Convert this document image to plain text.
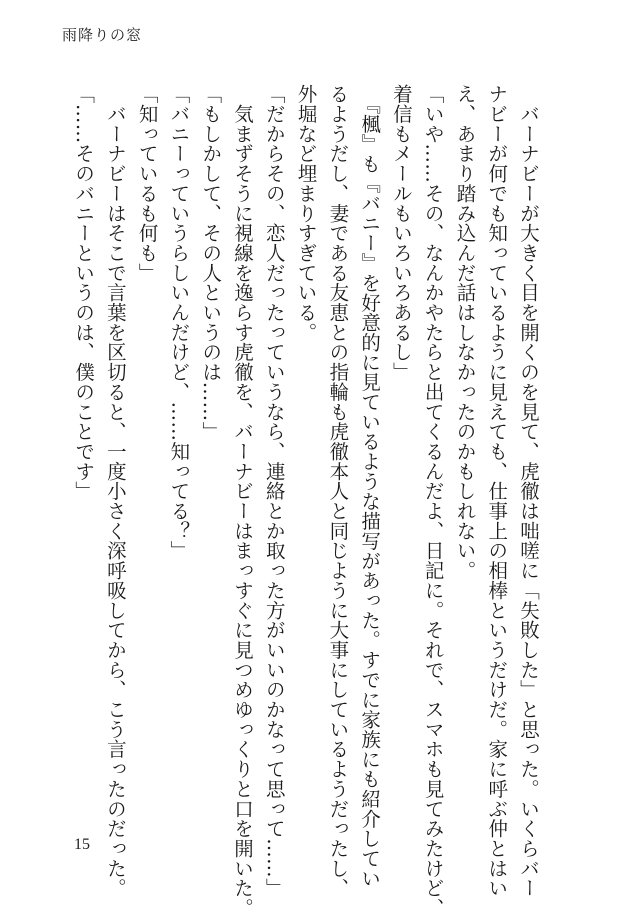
雨降りの窓

　バーナビーが大きく目を開くのを見て、虎徹は咄嗟に「失敗した」と思った。いくらバー

ナビーが何でも知っているように見えても、仕事上の相棒というだけだ。家に呼ぶ仲とはい

え、あまり踏み込んだ話はしなかったのかもしれない。

「いや……その、なんかやたらと出てくるんだよ、日記に。それで、スマホも見てみたけど、

着信もメールもいろいろあるし」

　『楓』も『バニー』を好意的に見ているような描写があった。すでに家族にも紹介してい

るようだし、妻である友恵との指輪も虎徹本人と同じように大事にしているようだったし、

外堀など埋まりすぎている。

「だからその、恋人だったっていうなら、連絡とか取った方がいいのかなって思って……」

　気まずそうに視線を逸らす虎徹を、バーナビーはまっすぐに見つめゆっくりと口を開いた。

「もしかして、その人というのは……」

「バニーっていうらしいんだけど、……知ってる？」

「知っているも何も」

　バーナビーはそこで言葉を区切ると、一度小さく深呼吸してから、こう言ったのだった。

「……そのバニーというのは、僕のことです」

15
